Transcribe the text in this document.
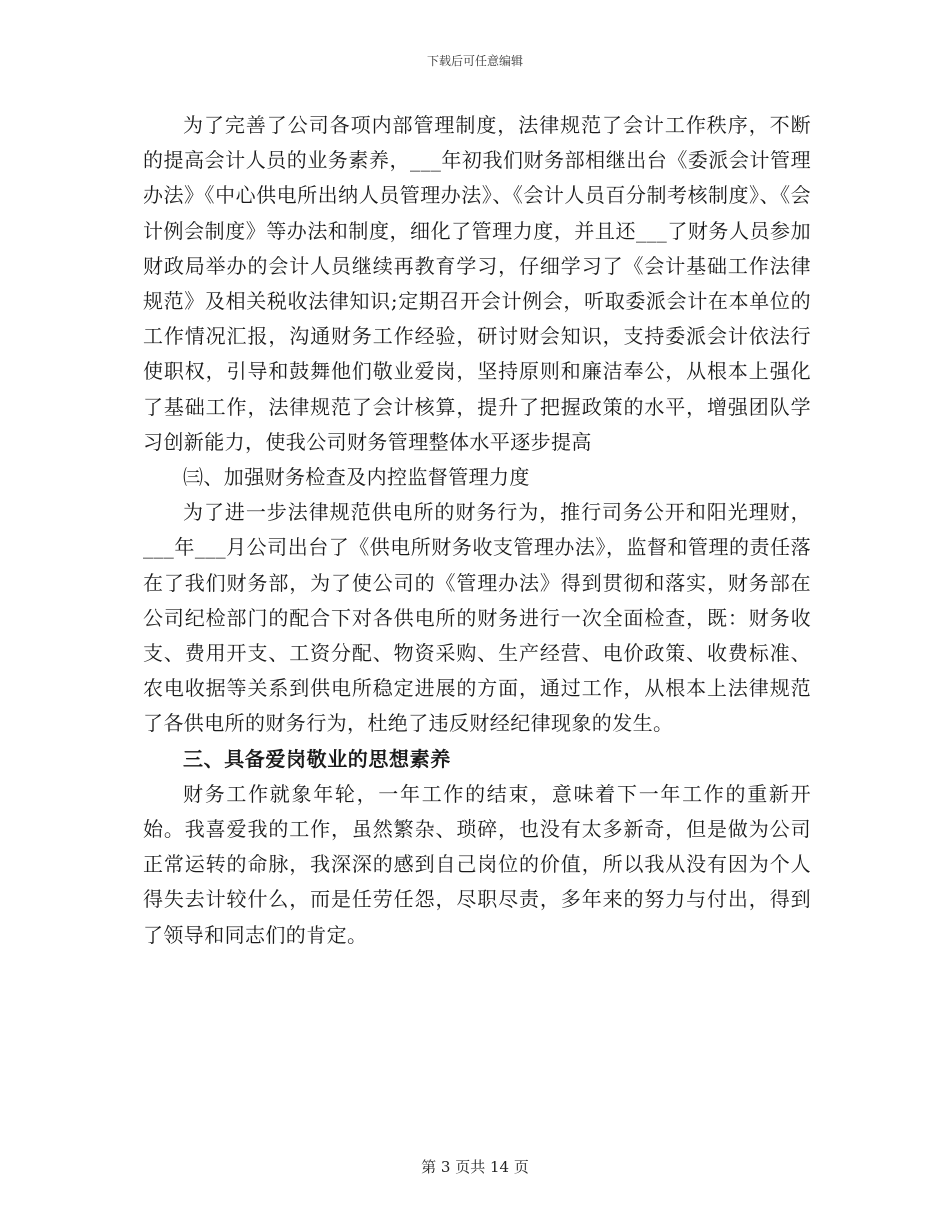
下载后可任意编辑

为了完善了公司各项内部管理制度，法律规范了会计工作秩序，不断的提高会计人员的业务素养，___年初我们财务部相继出台《委派会计管理办法》《中心供电所出纳人员管理办法》、《会计人员百分制考核制度》、《会计例会制度》等办法和制度，细化了管理力度，并且还___了财务人员参加财政局举办的会计人员继续再教育学习，仔细学习了《会计基础工作法律规范》及相关税收法律知识;定期召开会计例会，听取委派会计在本单位的工作情况汇报，沟通财务工作经验，研讨财会知识，支持委派会计依法行使职权，引导和鼓舞他们敬业爱岗，坚持原则和廉洁奉公，从根本上强化了基础工作，法律规范了会计核算，提升了把握政策的水平，增强团队学习创新能力，使我公司财务管理整体水平逐步提高

㈢、加强财务检查及内控监督管理力度

为了进一步法律规范供电所的财务行为，推行司务公开和阳光理财，___年___月公司出台了《供电所财务收支管理办法》，监督和管理的责任落在了我们财务部，为了使公司的《管理办法》得到贯彻和落实，财务部在公司纪检部门的配合下对各供电所的财务进行一次全面检查，既：财务收支、费用开支、工资分配、物资采购、生产经营、电价政策、收费标准、农电收据等关系到供电所稳定进展的方面，通过工作，从根本上法律规范了各供电所的财务行为，杜绝了违反财经纪律现象的发生。

三、具备爱岗敬业的思想素养

财务工作就象年轮，一年工作的结束，意味着下一年工作的重新开始。我喜爱我的工作，虽然繁杂、琐碎，也没有太多新奇，但是做为公司正常运转的命脉，我深深的感到自己岗位的价值，所以我从没有因为个人得失去计较什么，而是任劳任怨，尽职尽责，多年来的努力与付出，得到了领导和同志们的肯定。

第 3 页共 14 页
